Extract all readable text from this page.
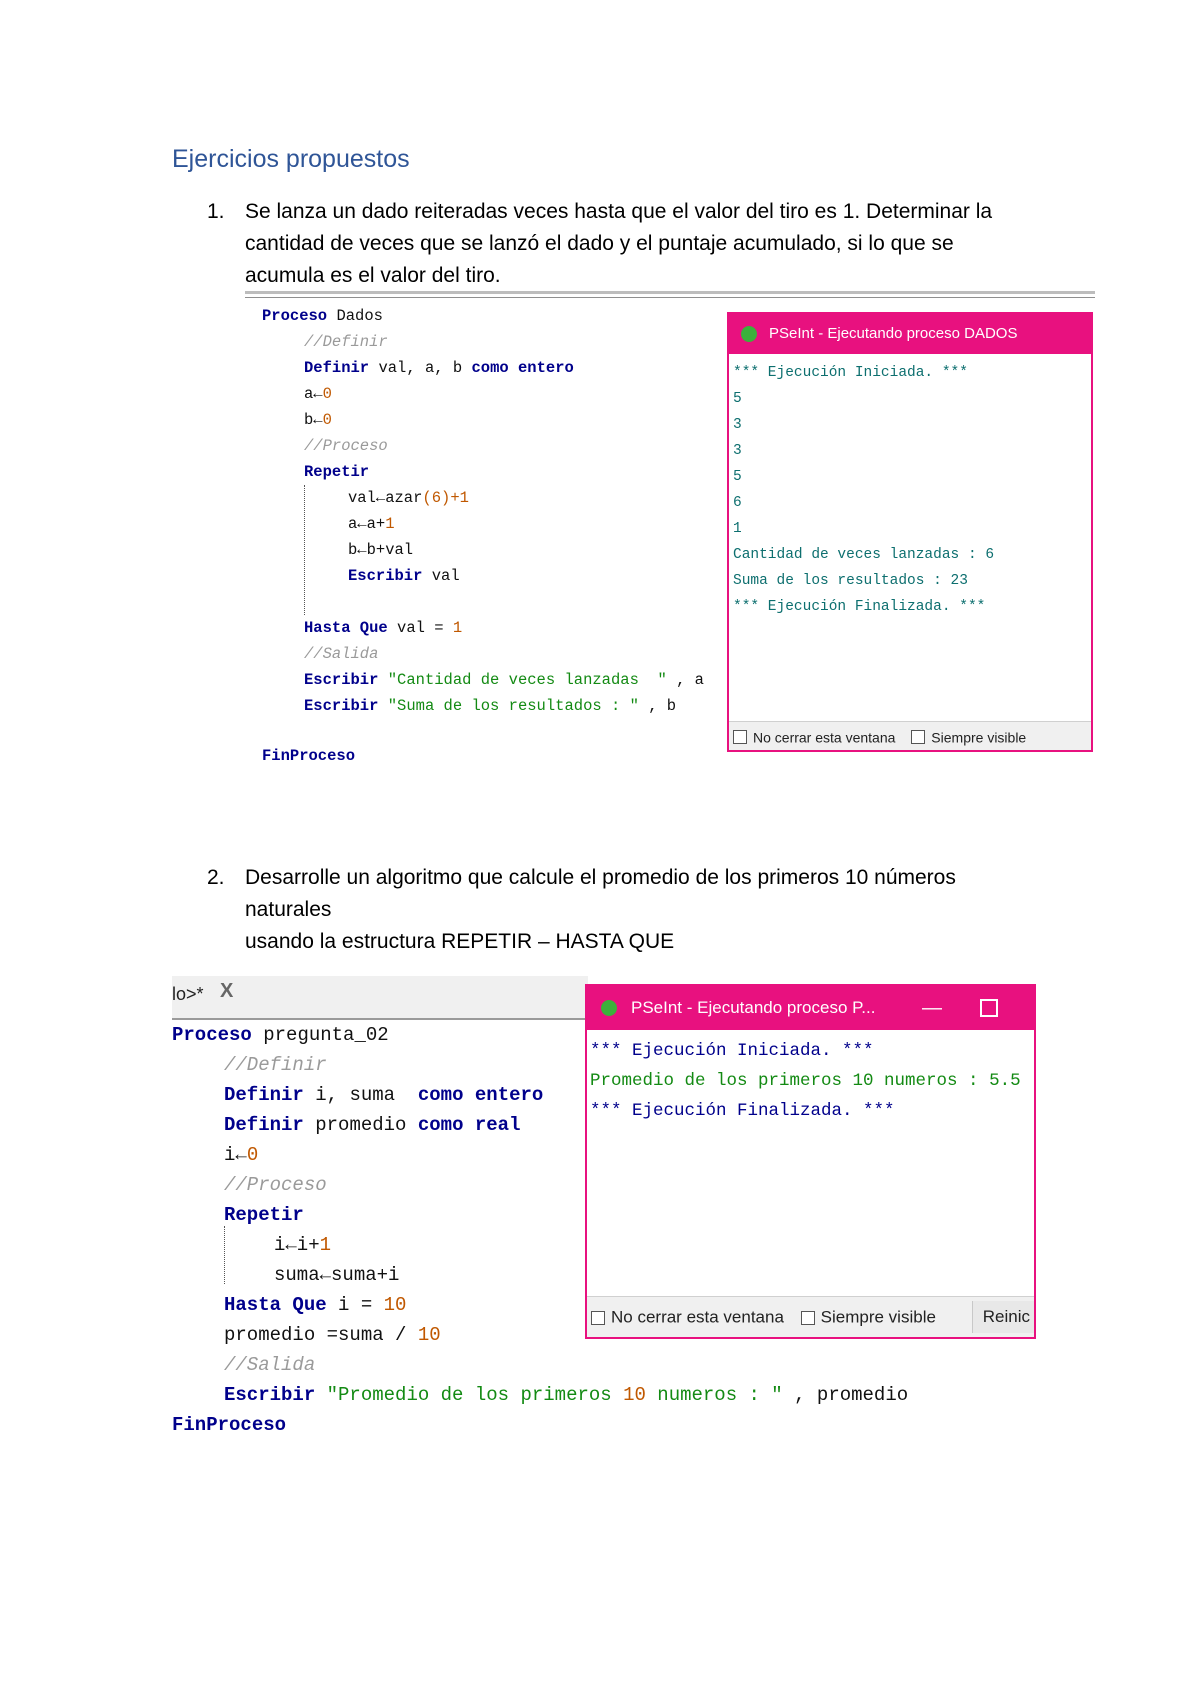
Ejercicios propuestos
1. Se lanza un dado reiteradas veces hasta que el valor del tiro es 1. Determinar la
cantidad de veces que se lanzó el dado y el puntaje acumulado, si lo que se
acumula es el valor del tiro.

Proceso Dados

//Definir

Definir val, a, b como entero

a←0

b←0

//Proceso

Repetir

val←azar(6)+1

a←a+1

b←b+val

Escribir val

Hasta Que val = 1

//Salida

Escribir "Cantidad de veces lanzadas  " , a

Escribir "Suma de los resultados : " , b

FinProceso

PSeInt - Ejecutando proceso DADOS
*** Ejecución Iniciada. ***
5
3
3
5
6
1
Cantidad de veces lanzadas : 6
Suma de los resultados : 23
*** Ejecución Finalizada. ***
No cerrar esta ventana	Siempre visible
2. Desarrolle un algoritmo que calcule el promedio de los primeros 10 números
naturales
usando la estructura REPETIR – HASTA QUE
lo>* X

Proceso pregunta_02

//Definir

Definir i, suma como entero

Definir promedio como real

i←0

//Proceso

Repetir

i←i+1

suma←suma+i

Hasta Que i = 10

promedio =suma / 10

//Salida

Escribir "Promedio de los primeros 10 numeros : " , promedio

FinProceso

PSeInt - Ejecutando proceso P... —
*** Ejecución Iniciada. ***
Promedio de los primeros 10 numeros : 5.5
*** Ejecución Finalizada. ***
No cerrar esta ventana Siempre visible	Reinic
